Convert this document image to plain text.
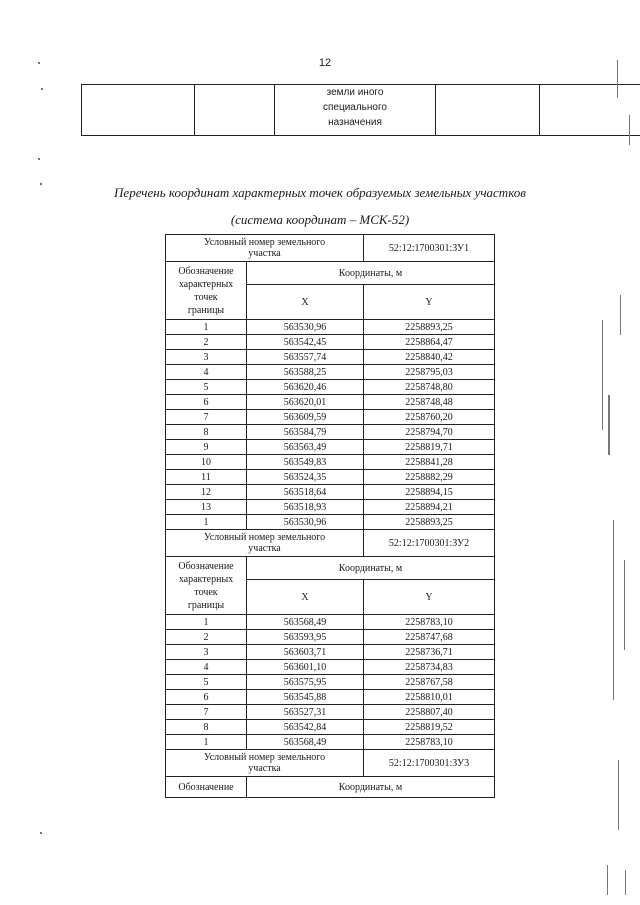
12

земли иного
специального
назначения

Перечень координат характерных точек образуемых земельных участков
(система координат – МСК-52)
Условный номер земельного
участка		52:12:1700301:ЗУ1

Обозначение
характерных
точек
границы	Координаты, м	
	X	Y
1	563530,96	2258893,25
2	563542,45	2258864,47
3	563557,74	2258840,42
4	563588,25	2258795,03
5	563620,46	2258748,80
6	563620,01	2258748,48
7	563609,59	2258760,20
8	563584,79	2258794,70
9	563563,49	2258819,71
10	563549,83	2258841,28
11	563524,35	2258882,29
12	563518,64	2258894,15
13	563518,93	2258894,21
1	563530,96	2258893,25

Условный номер земельного
участка		52:12:1700301:ЗУ2

Обозначение
характерных
точек
границы	Координаты, м	
	X	Y
1	563568,49	2258783,10
2	563593,95	2258747,68
3	563603,71	2258736,71
4	563601,10	2258734,83
5	563575,95	2258767,58
6	563545,88	2258810,01
7	563527,31	2258807,40
8	563542,84	2258819,52
1	563568,49	2258783,10

Условный номер земельного
участка		52:12:1700301:ЗУ3
Обозначение	Координаты, м	
